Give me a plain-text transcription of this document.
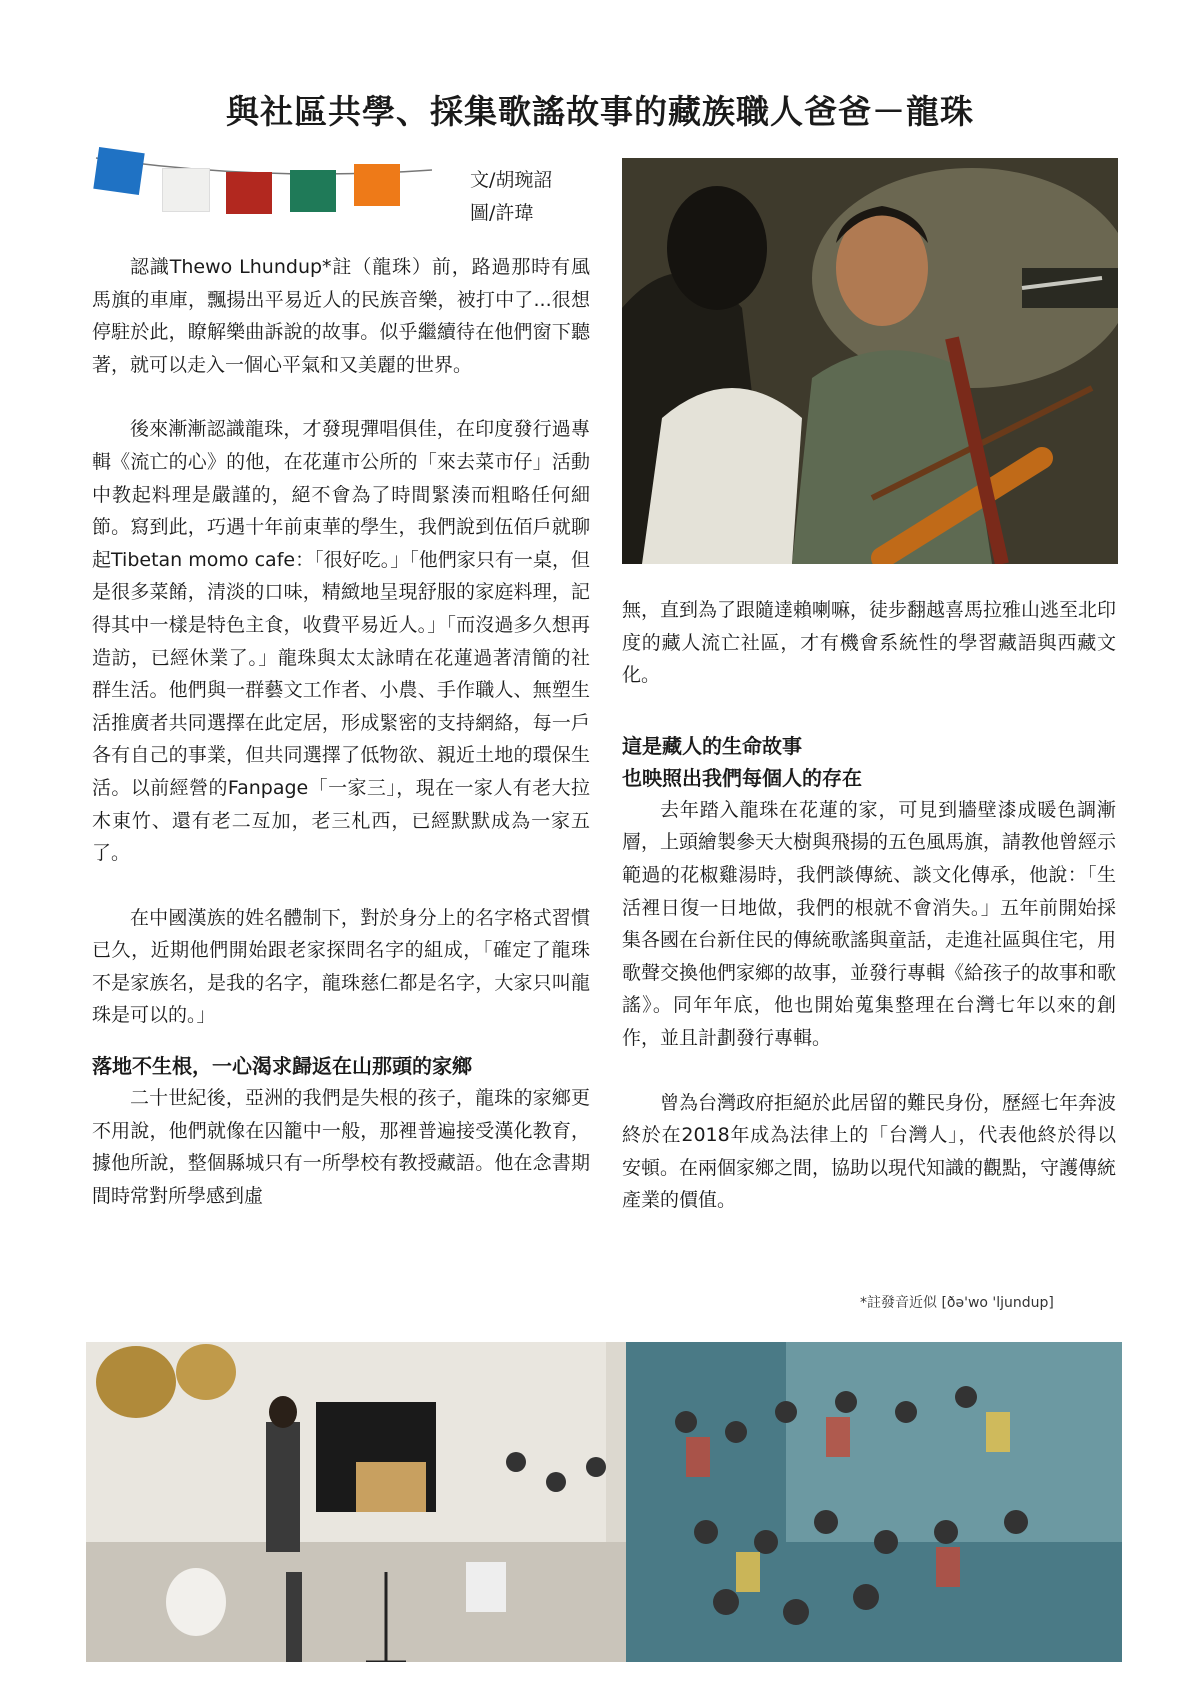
與社區共學、採集歌謠故事的藏族職人爸爸－龍珠
文/胡琬詔
圖/許瑋

認識Thewo Lhundup*註（龍珠）前，路過那時有風馬旗的車庫，飄揚出平易近人的民族音樂，被打中了...很想停駐於此，瞭解樂曲訴說的故事。似乎繼續待在他們窗下聽著，就可以走入一個心平氣和又美麗的世界。

後來漸漸認識龍珠，才發現彈唱俱佳，在印度發行過專輯《流亡的心》的他，在花蓮市公所的「來去菜市仔」活動中教起料理是嚴謹的，絕不會為了時間緊湊而粗略任何細節。寫到此，巧遇十年前東華的學生，我們說到伍佰戶就聊起Tibetan momo cafe：「很好吃。」「他們家只有一桌，但是很多菜餚，清淡的口味，精緻地呈現舒服的家庭料理，記得其中一樣是特色主食，收費平易近人。」「而沒過多久想再造訪，已經休業了。」龍珠與太太詠晴在花蓮過著清簡的社群生活。他們與一群藝文工作者、小農、手作職人、無塑生活推廣者共同選擇在此定居，形成緊密的支持網絡，每一戶各有自己的事業，但共同選擇了低物欲、親近土地的環保生活。以前經營的Fanpage「一家三」，現在一家人有老大拉木東竹、還有老二亙加，老三札西，已經默默成為一家五了。

在中國漢族的姓名體制下，對於身分上的名字格式習慣已久，近期他們開始跟老家探問名字的組成，「確定了龍珠不是家族名，是我的名字，龍珠慈仁都是名字，大家只叫龍珠是可以的。」

落地不生根，一心渴求歸返在山那頭的家鄉

二十世紀後，亞洲的我們是失根的孩子，龍珠的家鄉更不用說，他們就像在囚籠中一般，那裡普遍接受漢化教育，據他所說，整個縣城只有一所學校有教授藏語。他在念書期間時常對所學感到虛

無，直到為了跟隨達賴喇嘛，徒步翻越喜馬拉雅山逃至北印度的藏人流亡社區，才有機會系統性的學習藏語與西藏文化。

這是藏人的生命故事
也映照出我們每個人的存在

去年踏入龍珠在花蓮的家，可見到牆壁漆成暖色調漸層，上頭繪製參天大樹與飛揚的五色風馬旗，請教他曾經示範過的花椒雞湯時，我們談傳統、談文化傳承，他說：「生活裡日復一日地做，我們的根就不會消失。」五年前開始採集各國在台新住民的傳統歌謠與童話，走進社區與住宅，用歌聲交換他們家鄉的故事，並發行專輯《給孩子的故事和歌謠》。同年年底，他也開始蒐集整理在台灣七年以來的創作，並且計劃發行專輯。

曾為台灣政府拒絕於此居留的難民身份，歷經七年奔波終於在2018年成為法律上的「台灣人」，代表他終於得以安頓。在兩個家鄉之間，協助以現代知識的觀點，守護傳統產業的價值。

*註發音近似 [ðə'wo 'ljundup]
